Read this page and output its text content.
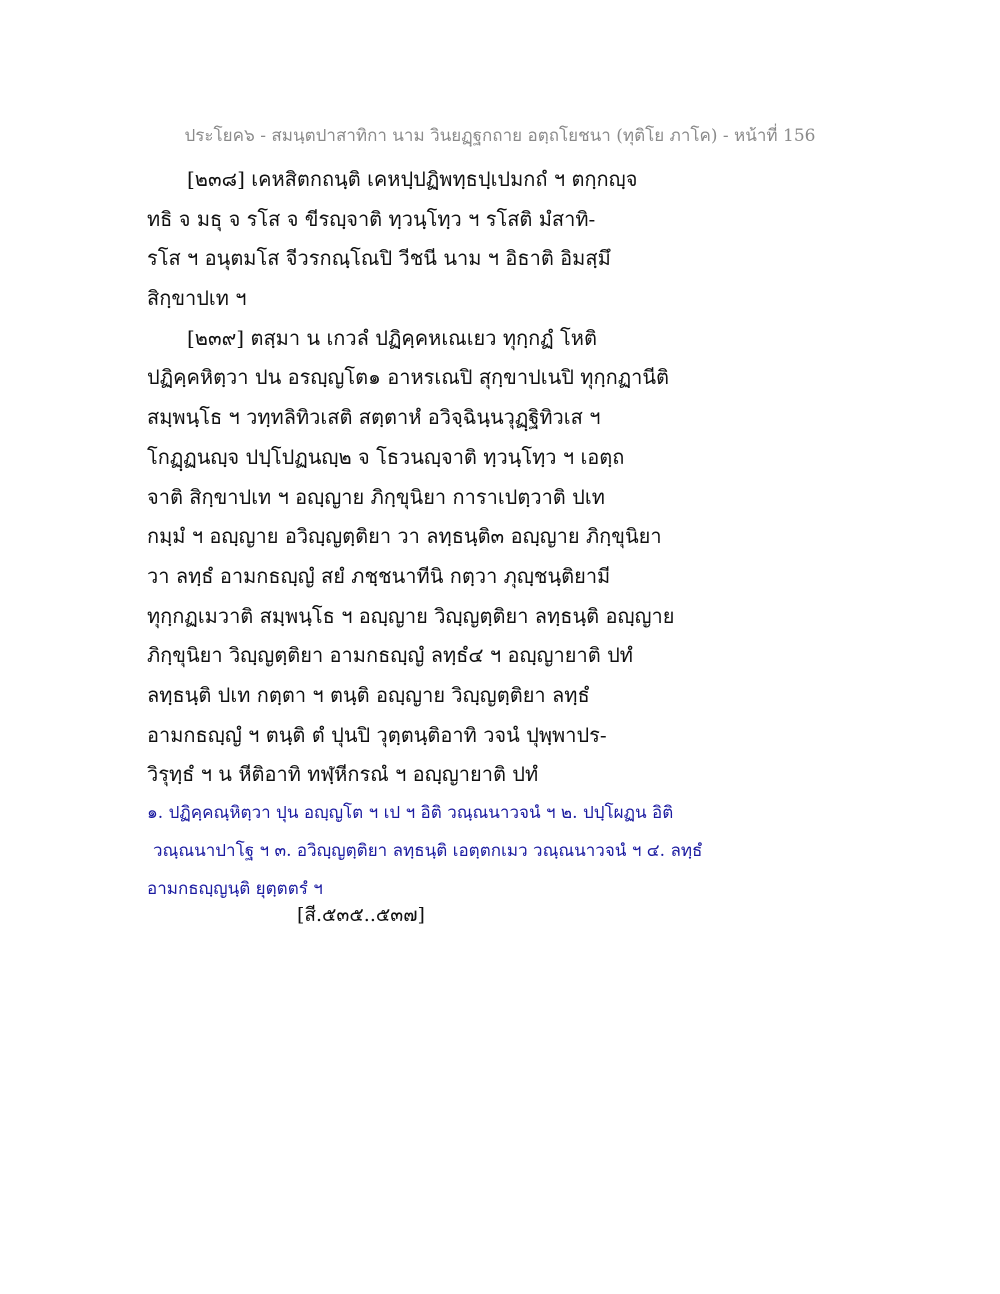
ประโยค๖ - สมนฺตปาสาทิกา นาม วินยฏฺฐกถาย อตฺถโยชนา (ทุติโย ภาโค) - หน้าที่ 156
[๒๓๘] เคหสิตกถนฺติ เคหปฺปฏิพทฺธปฺเปมกถํ ฯ ตกฺกญฺจ
ทธิ จ มธุ จ รโส จ ขีรญฺจาติ ทฺวนฺโทฺว ฯ รโสติ มํสาทิ-
รโส ฯ อนุตมโส จีวรกณฺโณปิ วีชนี นาม ฯ อิธาติ อิมสฺมึ
สิกฺขาปเท ฯ
[๒๓๙] ตสฺมา น เกวลํ ปฏิคฺคหเณเยว ทุกฺกฏํ โหติ
ปฏิคฺคหิตฺวา ปน อรญฺญโต๑ อาหรเณปิ สุกฺขาปเนปิ ทุกฺกฏานีติ
สมฺพนฺโธ ฯ วทฺทลิทิวเสติ สตฺตาหํ อวิจฺฉินฺนวุฏฺฐิทิวเส ฯ
โกฏฺฏนญฺจ ปปฺโปฏนญฺ๒ จ โธวนญฺจาติ ทฺวนฺโทฺว ฯ เอตฺถ
จาติ สิกฺขาปเท ฯ อญฺญาย ภิกฺขุนิยา การาเปตฺวาติ ปเท
กมฺมํ ฯ อญฺญาย อวิญฺญตฺติยา วา ลทฺธนฺติ๓ อญฺญาย ภิกฺขุนิยา
วา ลทฺธํ อามกธญฺญํ สยํ ภชฺชนาทีนิ กตฺวา ภุญฺชนฺติยามี
ทุกฺกฏเมวาติ สมฺพนฺโธ ฯ อญฺญาย วิญฺญตฺติยา ลทฺธนฺติ อญฺญาย
ภิกฺขุนิยา วิญฺญตฺติยา อามกธญฺญํ ลทฺธํ๔ ฯ อญฺญายาติ ปทํ
ลทฺธนฺติ ปเท กตฺตา ฯ ตนฺติ อญฺญาย วิญฺญตฺติยา ลทฺธํ
อามกธญฺญํ ฯ ตนฺติ ตํ ปุนปิ วุตฺตนฺติอาทิ วจนํ ปุพฺพาปร-
วิรุทฺธํ ฯ น หีติอาทิ ทฬฺหีกรณํ ฯ อญฺญายาติ ปทํ
๑. ปฏิคฺคณฺหิตฺวา ปุน อญฺญโต ฯ เป ฯ อิติ วณฺณนาวจนํ ฯ ๒. ปปฺโผฏน อิติ
วณฺณนาปาโฐ ฯ ๓. อวิญฺญตฺติยา ลทฺธนฺติ เอตฺตกเมว วณฺณนาวจนํ ฯ ๔. ลทฺธํ
อามกธญฺญนฺติ ยุตฺตตรํ ฯ
[สี.๕๓๕..๕๓๗]
